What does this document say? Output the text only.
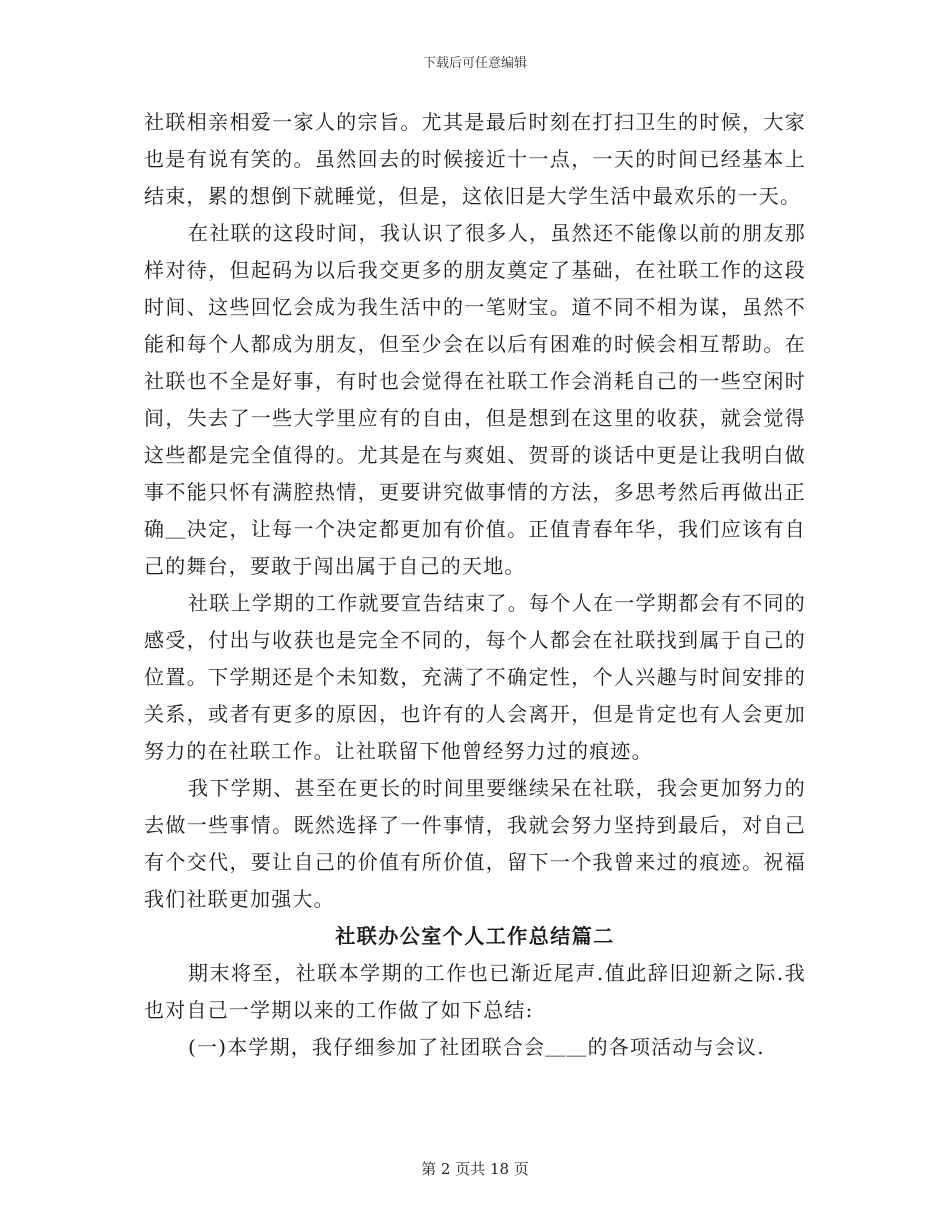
下载后可任意编辑

社联相亲相爱一家人的宗旨。尤其是最后时刻在打扫卫生的时候，大家也是有说有笑的。虽然回去的时候接近十一点，一天的时间已经基本上结束，累的想倒下就睡觉，但是，这依旧是大学生活中最欢乐的一天。

在社联的这段时间，我认识了很多人，虽然还不能像以前的朋友那样对待，但起码为以后我交更多的朋友奠定了基础，在社联工作的这段时间、这些回忆会成为我生活中的一笔财宝。道不同不相为谋，虽然不能和每个人都成为朋友，但至少会在以后有困难的时候会相互帮助。在社联也不全是好事，有时也会觉得在社联工作会消耗自己的一些空闲时间，失去了一些大学里应有的自由，但是想到在这里的收获，就会觉得这些都是完全值得的。尤其是在与爽姐、贺哥的谈话中更是让我明白做事不能只怀有满腔热情，更要讲究做事情的方法，多思考然后再做出正确＿决定，让每一个决定都更加有价值。正值青春年华，我们应该有自己的舞台，要敢于闯出属于自己的天地。

社联上学期的工作就要宣告结束了。每个人在一学期都会有不同的感受，付出与收获也是完全不同的，每个人都会在社联找到属于自己的位置。下学期还是个未知数，充满了不确定性，个人兴趣与时间安排的关系，或者有更多的原因，也许有的人会离开，但是肯定也有人会更加努力的在社联工作。让社联留下他曾经努力过的痕迹。

我下学期、甚至在更长的时间里要继续呆在社联，我会更加努力的去做一些事情。既然选择了一件事情，我就会努力坚持到最后，对自己有个交代，要让自己的价值有所价值，留下一个我曾来过的痕迹。祝福我们社联更加强大。

社联办公室个人工作总结篇二

期末将至，社联本学期的工作也已渐近尾声.值此辞旧迎新之际.我也对自己一学期以来的工作做了如下总结:

(一)本学期，我仔细参加了社团联合会＿＿的各项活动与会议.

第 2 页共 18 页
